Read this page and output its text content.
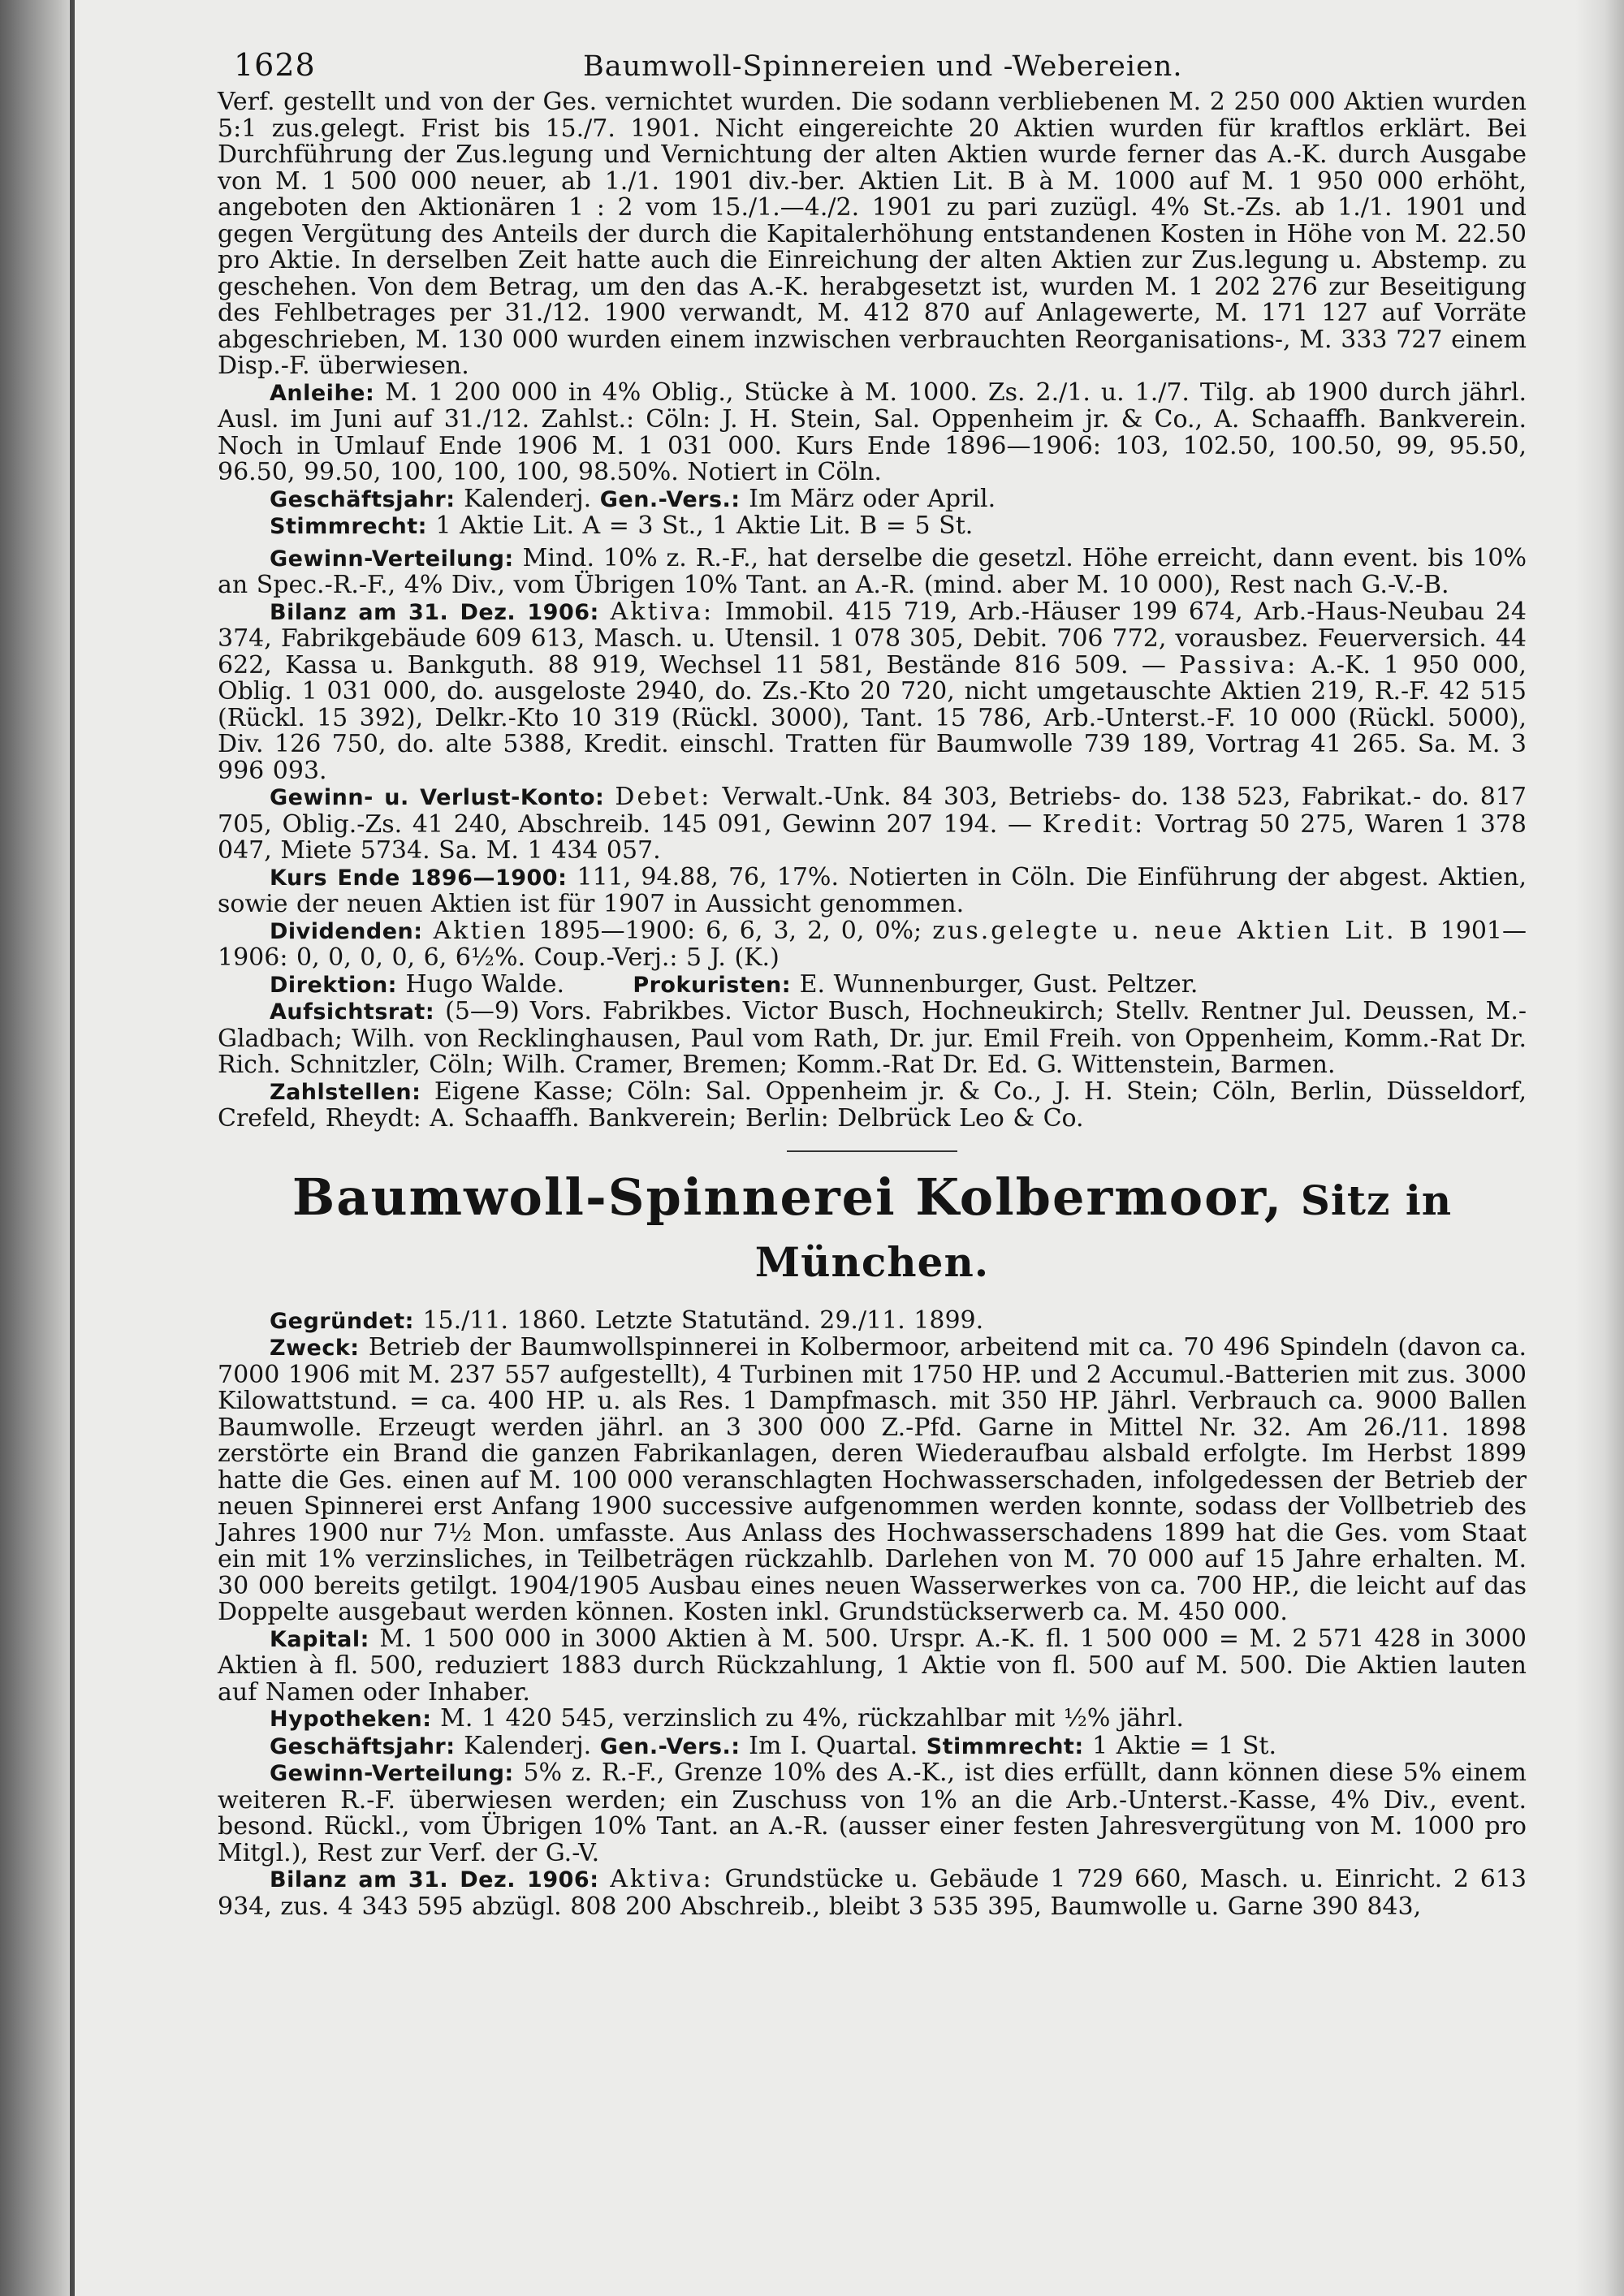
1628	Baumwoll-Spinnereien und -Webereien.

Verf. gestellt und von der Ges. vernichtet wurden. Die sodann verbliebenen M. 2 250 000 Aktien wurden 5:1 zus.gelegt. Frist bis 15./7. 1901. Nicht eingereichte 20 Aktien wurden für kraftlos erklärt. Bei Durchführung der Zus.legung und Vernichtung der alten Aktien wurde ferner das A.-K. durch Ausgabe von M. 1 500 000 neuer, ab 1./1. 1901 div.-ber. Aktien Lit. B à M. 1000 auf M. 1 950 000 erhöht, angeboten den Aktionären 1 : 2 vom 15./1.—4./2. 1901 zu pari zuzügl. 4% St.-Zs. ab 1./1. 1901 und gegen Vergütung des Anteils der durch die Kapitalerhöhung entstandenen Kosten in Höhe von M. 22.50 pro Aktie. In derselben Zeit hatte auch die Einreichung der alten Aktien zur Zus.legung u. Abstemp. zu geschehen. Von dem Betrag, um den das A.-K. herabgesetzt ist, wurden M. 1 202 276 zur Beseitigung des Fehlbetrages per 31./12. 1900 verwandt, M. 412 870 auf Anlagewerte, M. 171 127 auf Vorräte abgeschrieben, M. 130 000 wurden einem inzwischen verbrauchten Reorganisations-, M. 333 727 einem Disp.-F. überwiesen.

Anleihe: M. 1 200 000 in 4% Oblig., Stücke à M. 1000. Zs. 2./1. u. 1./7. Tilg. ab 1900 durch jährl. Ausl. im Juni auf 31./12. Zahlst.: Cöln: J. H. Stein, Sal. Oppenheim jr. & Co., A. Schaaffh. Bankverein. Noch in Umlauf Ende 1906 M. 1 031 000. Kurs Ende 1896—1906: 103, 102.50, 100.50, 99, 95.50, 96.50, 99.50, 100, 100, 100, 98.50%. Notiert in Cöln.

Geschäftsjahr: Kalenderj. Gen.-Vers.: Im März oder April.

Stimmrecht: 1 Aktie Lit. A = 3 St., 1 Aktie Lit. B = 5 St.

Gewinn-Verteilung: Mind. 10% z. R.-F., hat derselbe die gesetzl. Höhe erreicht, dann event. bis 10% an Spec.-R.-F., 4% Div., vom Übrigen 10% Tant. an A.-R. (mind. aber M. 10 000), Rest nach G.-V.-B.

Bilanz am 31. Dez. 1906: Aktiva: Immobil. 415 719, Arb.-Häuser 199 674, Arb.-Haus-Neubau 24 374, Fabrikgebäude 609 613, Masch. u. Utensil. 1 078 305, Debit. 706 772, vorausbez. Feuerversich. 44 622, Kassa u. Bankguth. 88 919, Wechsel 11 581, Bestände 816 509. — Passiva: A.-K. 1 950 000, Oblig. 1 031 000, do. ausgeloste 2940, do. Zs.-Kto 20 720, nicht umgetauschte Aktien 219, R.-F. 42 515 (Rückl. 15 392), Delkr.-Kto 10 319 (Rückl. 3000), Tant. 15 786, Arb.-Unterst.-F. 10 000 (Rückl. 5000), Div. 126 750, do. alte 5388, Kredit. einschl. Tratten für Baumwolle 739 189, Vortrag 41 265. Sa. M. 3 996 093.

Gewinn- u. Verlust-Konto: Debet: Verwalt.-Unk. 84 303, Betriebs- do. 138 523, Fabrikat.- do. 817 705, Oblig.-Zs. 41 240, Abschreib. 145 091, Gewinn 207 194. — Kredit: Vortrag 50 275, Waren 1 378 047, Miete 5734. Sa. M. 1 434 057.

Kurs Ende 1896—1900: 111, 94.88, 76, 17%. Notierten in Cöln. Die Einführung der abgest. Aktien, sowie der neuen Aktien ist für 1907 in Aussicht genommen.

Dividenden: Aktien 1895—1900: 6, 6, 3, 2, 0, 0%; zus.gelegte u. neue Aktien Lit. B 1901—1906: 0, 0, 0, 0, 6, 6½%. Coup.-Verj.: 5 J. (K.)

Direktion: Hugo Walde.	Prokuristen: E. Wunnenburger, Gust. Peltzer.

Aufsichtsrat: (5—9) Vors. Fabrikbes. Victor Busch, Hochneukirch; Stellv. Rentner Jul. Deussen, M.-Gladbach; Wilh. von Recklinghausen, Paul vom Rath, Dr. jur. Emil Freih. von Oppenheim, Komm.-Rat Dr. Rich. Schnitzler, Cöln; Wilh. Cramer, Bremen; Komm.-Rat Dr. Ed. G. Wittenstein, Barmen.

Zahlstellen: Eigene Kasse; Cöln: Sal. Oppenheim jr. & Co., J. H. Stein; Cöln, Berlin, Düsseldorf, Crefeld, Rheydt: A. Schaaffh. Bankverein; Berlin: Delbrück Leo & Co.

Baumwoll-Spinnerei Kolbermoor, Sitz in München.

Gegründet: 15./11. 1860. Letzte Statutänd. 29./11. 1899.

Zweck: Betrieb der Baumwollspinnerei in Kolbermoor, arbeitend mit ca. 70 496 Spindeln (davon ca. 7000 1906 mit M. 237 557 aufgestellt), 4 Turbinen mit 1750 HP. und 2 Accumul.-Batterien mit zus. 3000 Kilowattstund. = ca. 400 HP. u. als Res. 1 Dampfmasch. mit 350 HP. Jährl. Verbrauch ca. 9000 Ballen Baumwolle. Erzeugt werden jährl. an 3 300 000 Z.-Pfd. Garne in Mittel Nr. 32. Am 26./11. 1898 zerstörte ein Brand die ganzen Fabrikanlagen, deren Wiederaufbau alsbald erfolgte. Im Herbst 1899 hatte die Ges. einen auf M. 100 000 veranschlagten Hochwasserschaden, infolgedessen der Betrieb der neuen Spinnerei erst Anfang 1900 successive aufgenommen werden konnte, sodass der Vollbetrieb des Jahres 1900 nur 7½ Mon. umfasste. Aus Anlass des Hochwasserschadens 1899 hat die Ges. vom Staat ein mit 1% verzinsliches, in Teilbeträgen rückzahlb. Darlehen von M. 70 000 auf 15 Jahre erhalten. M. 30 000 bereits getilgt. 1904/1905 Ausbau eines neuen Wasserwerkes von ca. 700 HP., die leicht auf das Doppelte ausgebaut werden können. Kosten inkl. Grundstückserwerb ca. M. 450 000.

Kapital: M. 1 500 000 in 3000 Aktien à M. 500. Urspr. A.-K. fl. 1 500 000 = M. 2 571 428 in 3000 Aktien à fl. 500, reduziert 1883 durch Rückzahlung, 1 Aktie von fl. 500 auf M. 500. Die Aktien lauten auf Namen oder Inhaber.

Hypotheken: M. 1 420 545, verzinslich zu 4%, rückzahlbar mit ½% jährl.

Geschäftsjahr: Kalenderj. Gen.-Vers.: Im I. Quartal. Stimmrecht: 1 Aktie = 1 St.

Gewinn-Verteilung: 5% z. R.-F., Grenze 10% des A.-K., ist dies erfüllt, dann können diese 5% einem weiteren R.-F. überwiesen werden; ein Zuschuss von 1% an die Arb.-Unterst.-Kasse, 4% Div., event. besond. Rückl., vom Übrigen 10% Tant. an A.-R. (ausser einer festen Jahresvergütung von M. 1000 pro Mitgl.), Rest zur Verf. der G.-V.

Bilanz am 31. Dez. 1906: Aktiva: Grundstücke u. Gebäude 1 729 660, Masch. u. Einricht. 2 613 934, zus. 4 343 595 abzügl. 808 200 Abschreib., bleibt 3 535 395, Baumwolle u. Garne 390 843,
